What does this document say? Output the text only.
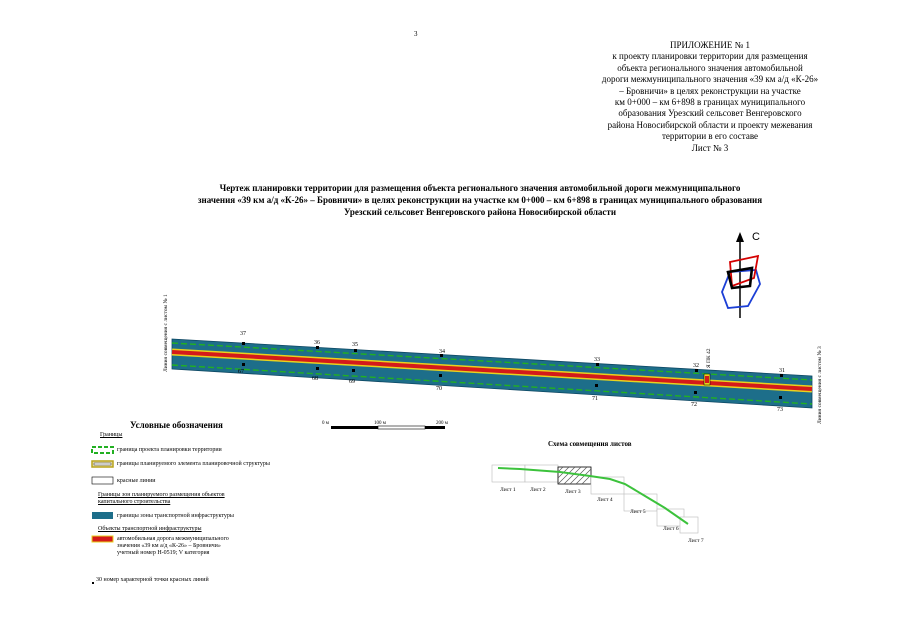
3
ПРИЛОЖЕНИЕ № 1
к проекту планировки территории для размещения
объекта регионального значения автомобильной
дороги межмуниципального значения «39 км а/д «К-26»
– Бровничи» в целях реконструкции на участке
км 0+000 – км 6+898 в границах муниципального
образования Урезский сельсовет Венгеровского
района Новосибирской области и проекту межевания
территории в его составе
Лист № 3
Чертеж планировки территории для размещения объекта регионального значения автомобильной дороги межмуниципального
значения «39 км а/д «К-26» – Бровничи» в целях реконструкции на участке км 0+000 – км 6+898 в границах муниципального образования
Урезский сельсовет Венгеровского района Новосибирской области
С
37
36	35
34
33
32
31
67
68	69
70
71
72
73
Я ПК 42
Линия совмещения с листом № 1
Линия совмещения с листом № 3
0 м	100 м	200 м
Лист 1	Лист 2	Лист 3
Лист 4
Лист 5
Лист 6
Лист 7
Условные обозначения
Границы
граница проекта планировки территории
границы планируемого элемента планировочной структуры
красные линии
Границы зон планируемого размещения объектов
капитального строительства
границы зоны транспортной инфраструктуры
Объекты транспортной инфраструктуры
автомобильная дорога межмуниципального
значения «39 км а/д «К-26» – Бровничи»
учетный номер Н-0519; V категория
30 номер характерной точки красных линий
Схема совмещения листов
